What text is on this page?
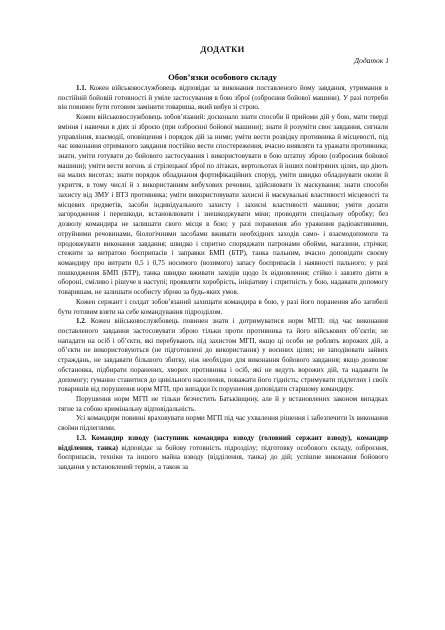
ДОДАТКИ
Додаток 1
Обов’язки особового складу

1.1. Кожен військовослужбовець відповідає за виконання поставленого йому завдання, утримання в постійній бойовій готовності й уміле застосування в бою зброї (озброєння бойової машини). У разі потреби він повинен бути готовим замінити товариша, який вибув зі строю.

Кожен військовослужбовець зобов’язаний: досконало знати способи й прийоми дій у бою, мати тверді вміння і навички в діях зі зброєю (при озброєнні бойової машини); знати й розуміти своє завдання, сигнали управління, взаємодії, оповіщення і порядок дій за ними; уміти вести розвідку противника й місцевості, під час виконання отриманого завдання постійно вести спостереження, вчасно виявляти та уражати противника; знати, уміти готувати до бойового застосування і використовувати в бою штатну зброю (озброєння бойової машини); уміти вести вогонь зі стрілецької зброї по літаках, вертольотах й інших повітряних цілях, що діють на малих висотах; знати порядок обладнання фортифікаційних споруд, уміти швидко обладнувати окопи й укриття, в тому числі й з використанням вибухових речовин, здійснювати їх маскування; знати способи захисту від ЗМУ і ВТЗ противника; уміти використовувати захисні й маскувальні властивості місцевості та місцевих предметів, засоби індивідуального захисту і захисні властивості машини; уміти долати загородження і перешкоди, встановлювати і знешкоджувати міни; проводити спеціальну обробку; без дозволу командира не залишати свого місця в бою; у разі поранення або ураження радіоактивними, отруйними речовинами, біологічними засобами вживати необхідних заходів само- і взаємодопомоги та продовжувати виконання завдання; швидко і спритно споряджати патронами обойми, магазини, стрічки; стежити за витратою боєприпасів і заправки БМП (БТР), танка пальним, вчасно доповідати своєму командиру про витрати 0,5 і 0,75 носимого (возимого) запасу боєприпасів і наявності пального; у разі пошкодження БМП (БТР), танка швидко вживати заходів щодо їх відновлення; стійко і завзято діяти в обороні, сміливо і рішуче в наступі; проявляти хоробрість, ініціативу і спритність у бою, надавати допомогу товаришам, не залишати особисту зброю за будь-яких умов.

Кожен сержант і солдат зобов’язаний захищати командира в бою, у разі його поранення або загибелі бути готовим взяти на себе командування підрозділом.

1.2. Кожен військовослужбовець повинен знати і дотримуватися норм МГП: під час виконання поставленого завдання застосовувати зброю тільки проти противника та його військових об’єктів; не нападати на осіб і об’єкти, які перебувають під захистом МГП, якщо ці особи не роблять ворожих дій, а об’єкти не використовуються (не підготовлені до використання) у воєнних цілях; не заподіювати зайвих страждань, не завдавати більшого збитку, ніж необхідно для виконання бойового завдання; якщо дозволяє обстановка, підбирати поранених, хворих противника і осіб, які не ведуть ворожих дій, та надавати їм допомогу; гуманно ставитися до цивільного населення, поважати його гідність; стримувати підлеглих і своїх товаришів від порушення норм МГП, про випадки їх порушення доповідати старшому командиру.

Порушення норм МГП не тільки безчестить Батьківщину, але й у встановлених законом випадках тягне за собою кримінальну відповідальність.

Усі командири повинні враховувати норми МГП під час ухвалення рішення і забезпечити їх виконання своїми підлеглими.

1.3. Командир взводу (заступник командира взводу (головний сержант взводу), командир відділення, танка) відповідає за бойову готовність підрозділу; підготовку особового складу, озброєння, боєприпасів, техніки та іншого майна взводу (відділення, танка) до дій; успішне виконання бойового завдання у встановлений термін, а також за
